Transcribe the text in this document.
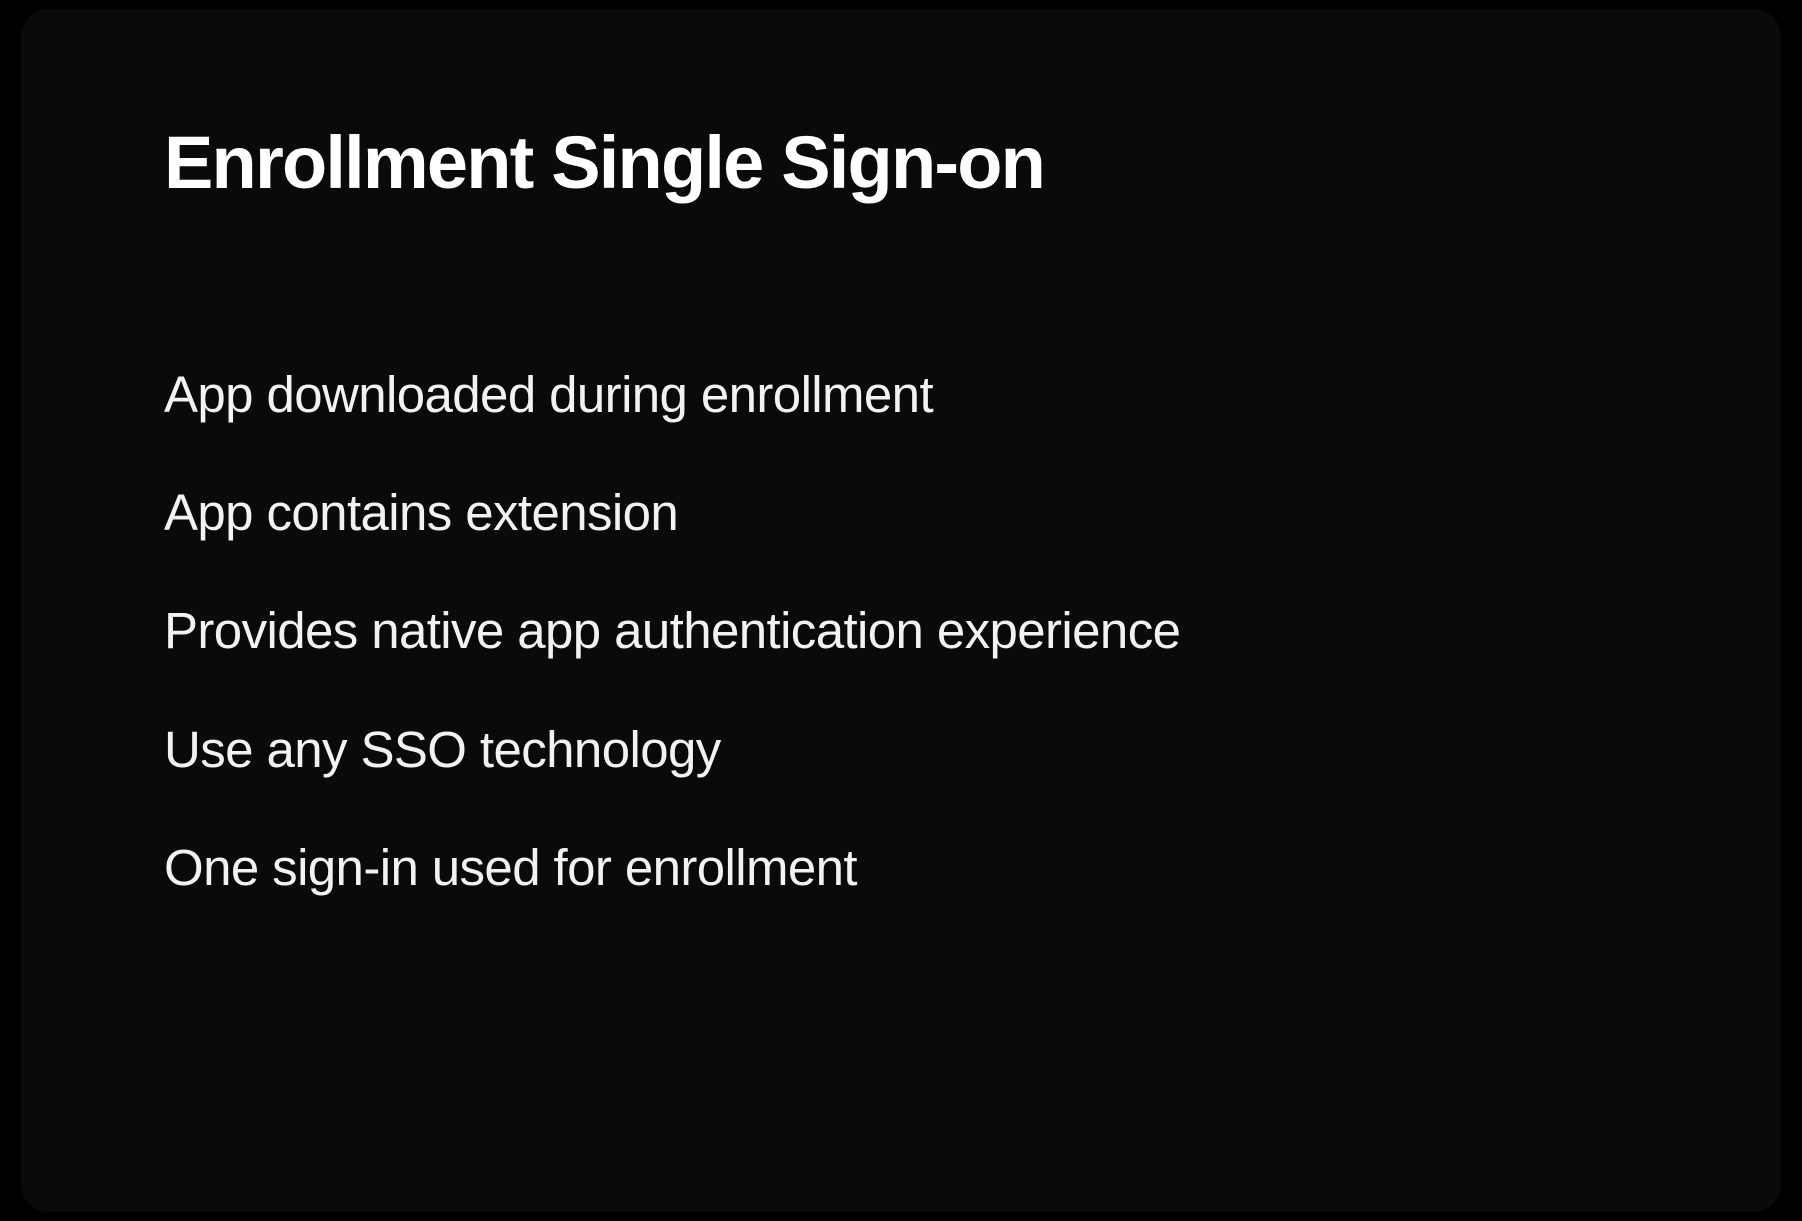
Enrollment Single Sign-on
App downloaded during enrollment
App contains extension
Provides native app authentication experience
Use any SSO technology
One sign-in used for enrollment
